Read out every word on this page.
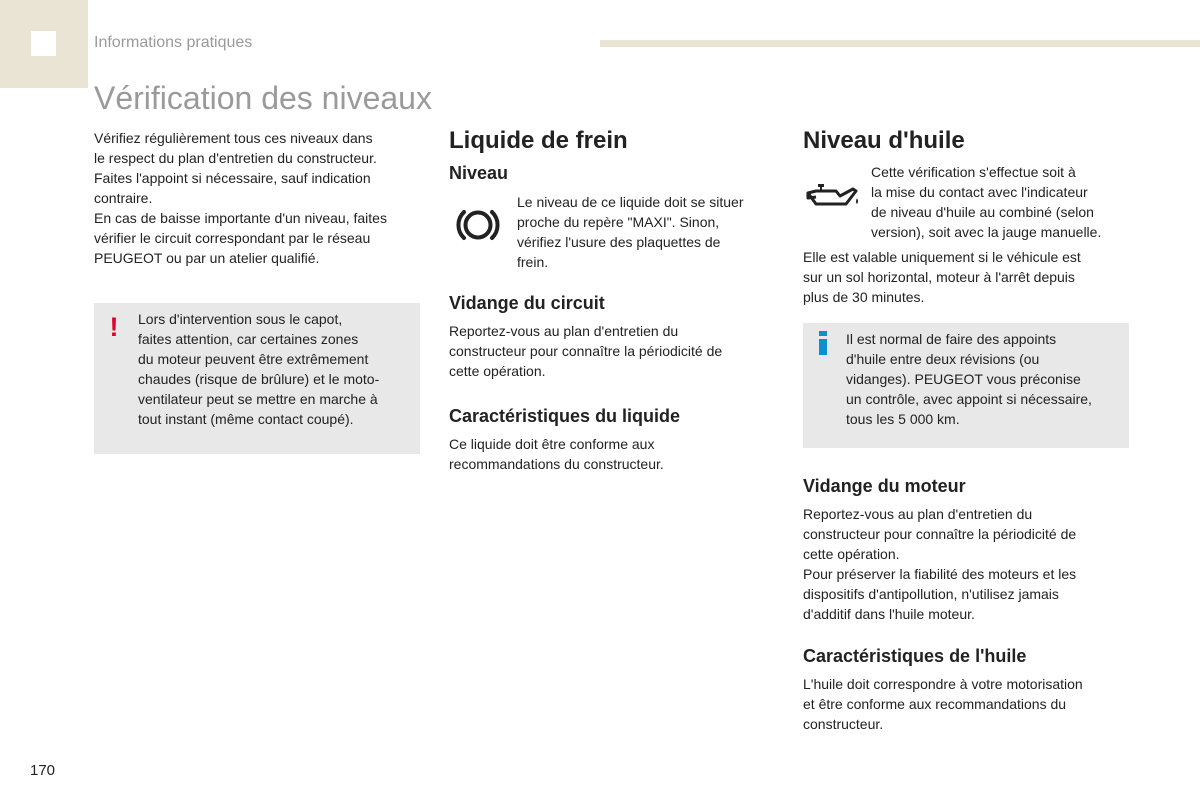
Informations pratiques
Vérification des niveaux

Vérifiez régulièrement tous ces niveaux dans

le respect du plan d'entretien du constructeur.

Faites l'appoint si nécessaire, sauf indication

contraire.

En cas de baisse importante d'un niveau, faites

vérifier le circuit correspondant par le réseau

PEUGEOT ou par un atelier qualifié.

! Lors d'intervention sous le capot,

faites attention, car certaines zones

du moteur peuvent être extrêmement

chaudes (risque de brûlure) et le moto-

ventilateur peut se mettre en marche à

tout instant (même contact coupé).

Liquide de frein
Niveau

Le niveau de ce liquide doit se situer

proche du repère "MAXI". Sinon,

vérifiez l'usure des plaquettes de

frein.

Vidange du circuit

Reportez-vous au plan d'entretien du

constructeur pour connaître la périodicité de

cette opération.

Caractéristiques du liquide

Ce liquide doit être conforme aux

recommandations du constructeur.

Niveau d'huile

Cette vérification s'effectue soit à

la mise du contact avec l'indicateur

de niveau d'huile au combiné (selon

version), soit avec la jauge manuelle.

Elle est valable uniquement si le véhicule est

sur un sol horizontal, moteur à l'arrêt depuis

plus de 30 minutes.

Il est normal de faire des appoints

d'huile entre deux révisions (ou

vidanges). PEUGEOT vous préconise

un contrôle, avec appoint si nécessaire,

tous les 5 000 km.

Vidange du moteur

Reportez-vous au plan d'entretien du

constructeur pour connaître la périodicité de

cette opération.

Pour préserver la fiabilité des moteurs et les

dispositifs d'antipollution, n'utilisez jamais

d'additif dans l'huile moteur.

Caractéristiques de l'huile

L'huile doit correspondre à votre motorisation

et être conforme aux recommandations du

constructeur.

170
